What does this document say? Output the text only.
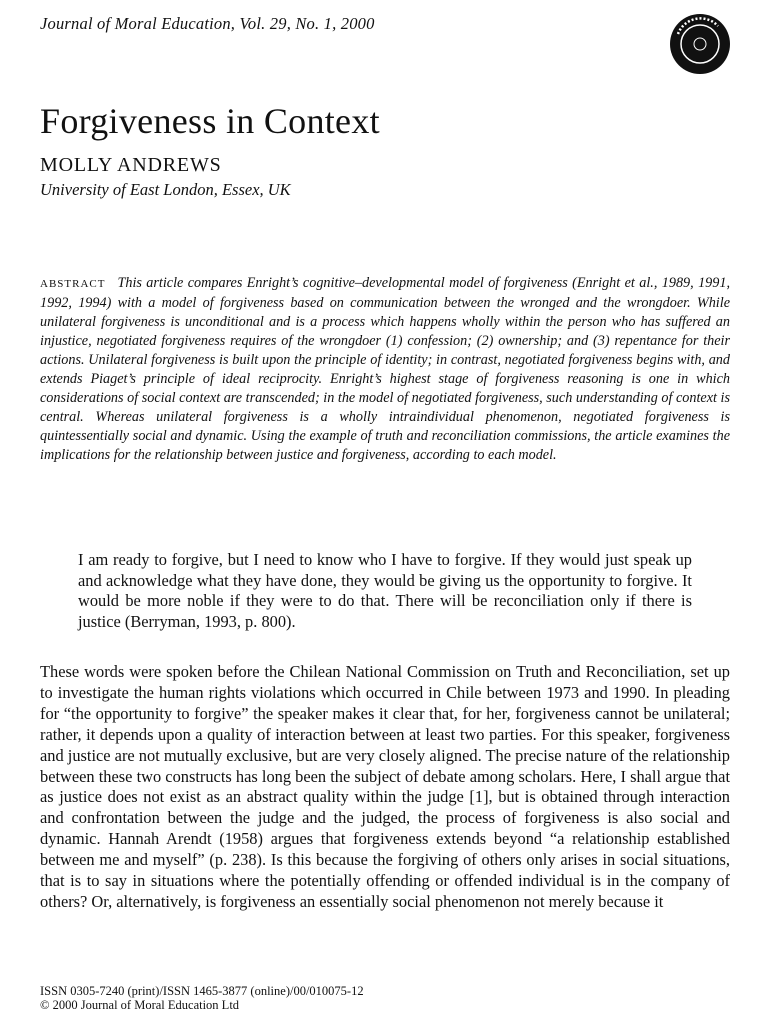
Journal of Moral Education, Vol. 29, No. 1, 2000
Forgiveness in Context
MOLLY ANDREWS
University of East London, Essex, UK

ABSTRACT This article compares Enright’s cognitive–developmental model of forgiveness (Enright et al., 1989, 1991, 1992, 1994) with a model of forgiveness based on communication between the wronged and the wrongdoer. While unilateral forgiveness is unconditional and is a process which happens wholly within the person who has suffered an injustice, negotiated forgiveness requires of the wrongdoer (1) confession; (2) ownership; and (3) repentance for their actions. Unilateral forgiveness is built upon the principle of identity; in contrast, negotiated forgiveness begins with, and extends Piaget’s principle of ideal reciprocity. Enright’s highest stage of forgiveness reasoning is one in which considerations of social context are transcended; in the model of negotiated forgiveness, such understanding of context is central. Whereas unilateral forgiveness is a wholly intraindividual phenomenon, negotiated forgiveness is quintessentially social and dynamic. Using the example of truth and reconciliation commissions, the article examines the implications for the relationship between justice and forgiveness, according to each model.

I am ready to forgive, but I need to know who I have to forgive. If they would just speak up and acknowledge what they have done, they would be giving us the opportunity to forgive. It would be more noble if they were to do that. There will be reconciliation only if there is justice (Berryman, 1993, p. 800).

These words were spoken before the Chilean National Commission on Truth and Reconciliation, set up to investigate the human rights violations which occurred in Chile between 1973 and 1990. In pleading for “the opportunity to forgive” the speaker makes it clear that, for her, forgiveness cannot be unilateral; rather, it depends upon a quality of interaction between at least two parties. For this speaker, forgiveness and justice are not mutually exclusive, but are very closely aligned. The precise nature of the relationship between these two constructs has long been the subject of debate among scholars. Here, I shall argue that as justice does not exist as an abstract quality within the judge [1], but is obtained through interaction and confrontation between the judge and the judged, the process of forgiveness is also social and dynamic. Hannah Arendt (1958) argues that forgiveness extends beyond “a relationship established between me and myself” (p. 238). Is this because the forgiving of others only arises in social situations, that is to say in situations where the potentially offending or offended individual is in the company of others? Or, alternatively, is forgiveness an essentially social phenomenon not merely because it

ISSN 0305-7240 (print)/ISSN 1465-3877 (online)/00/010075-12
© 2000 Journal of Moral Education Ltd
